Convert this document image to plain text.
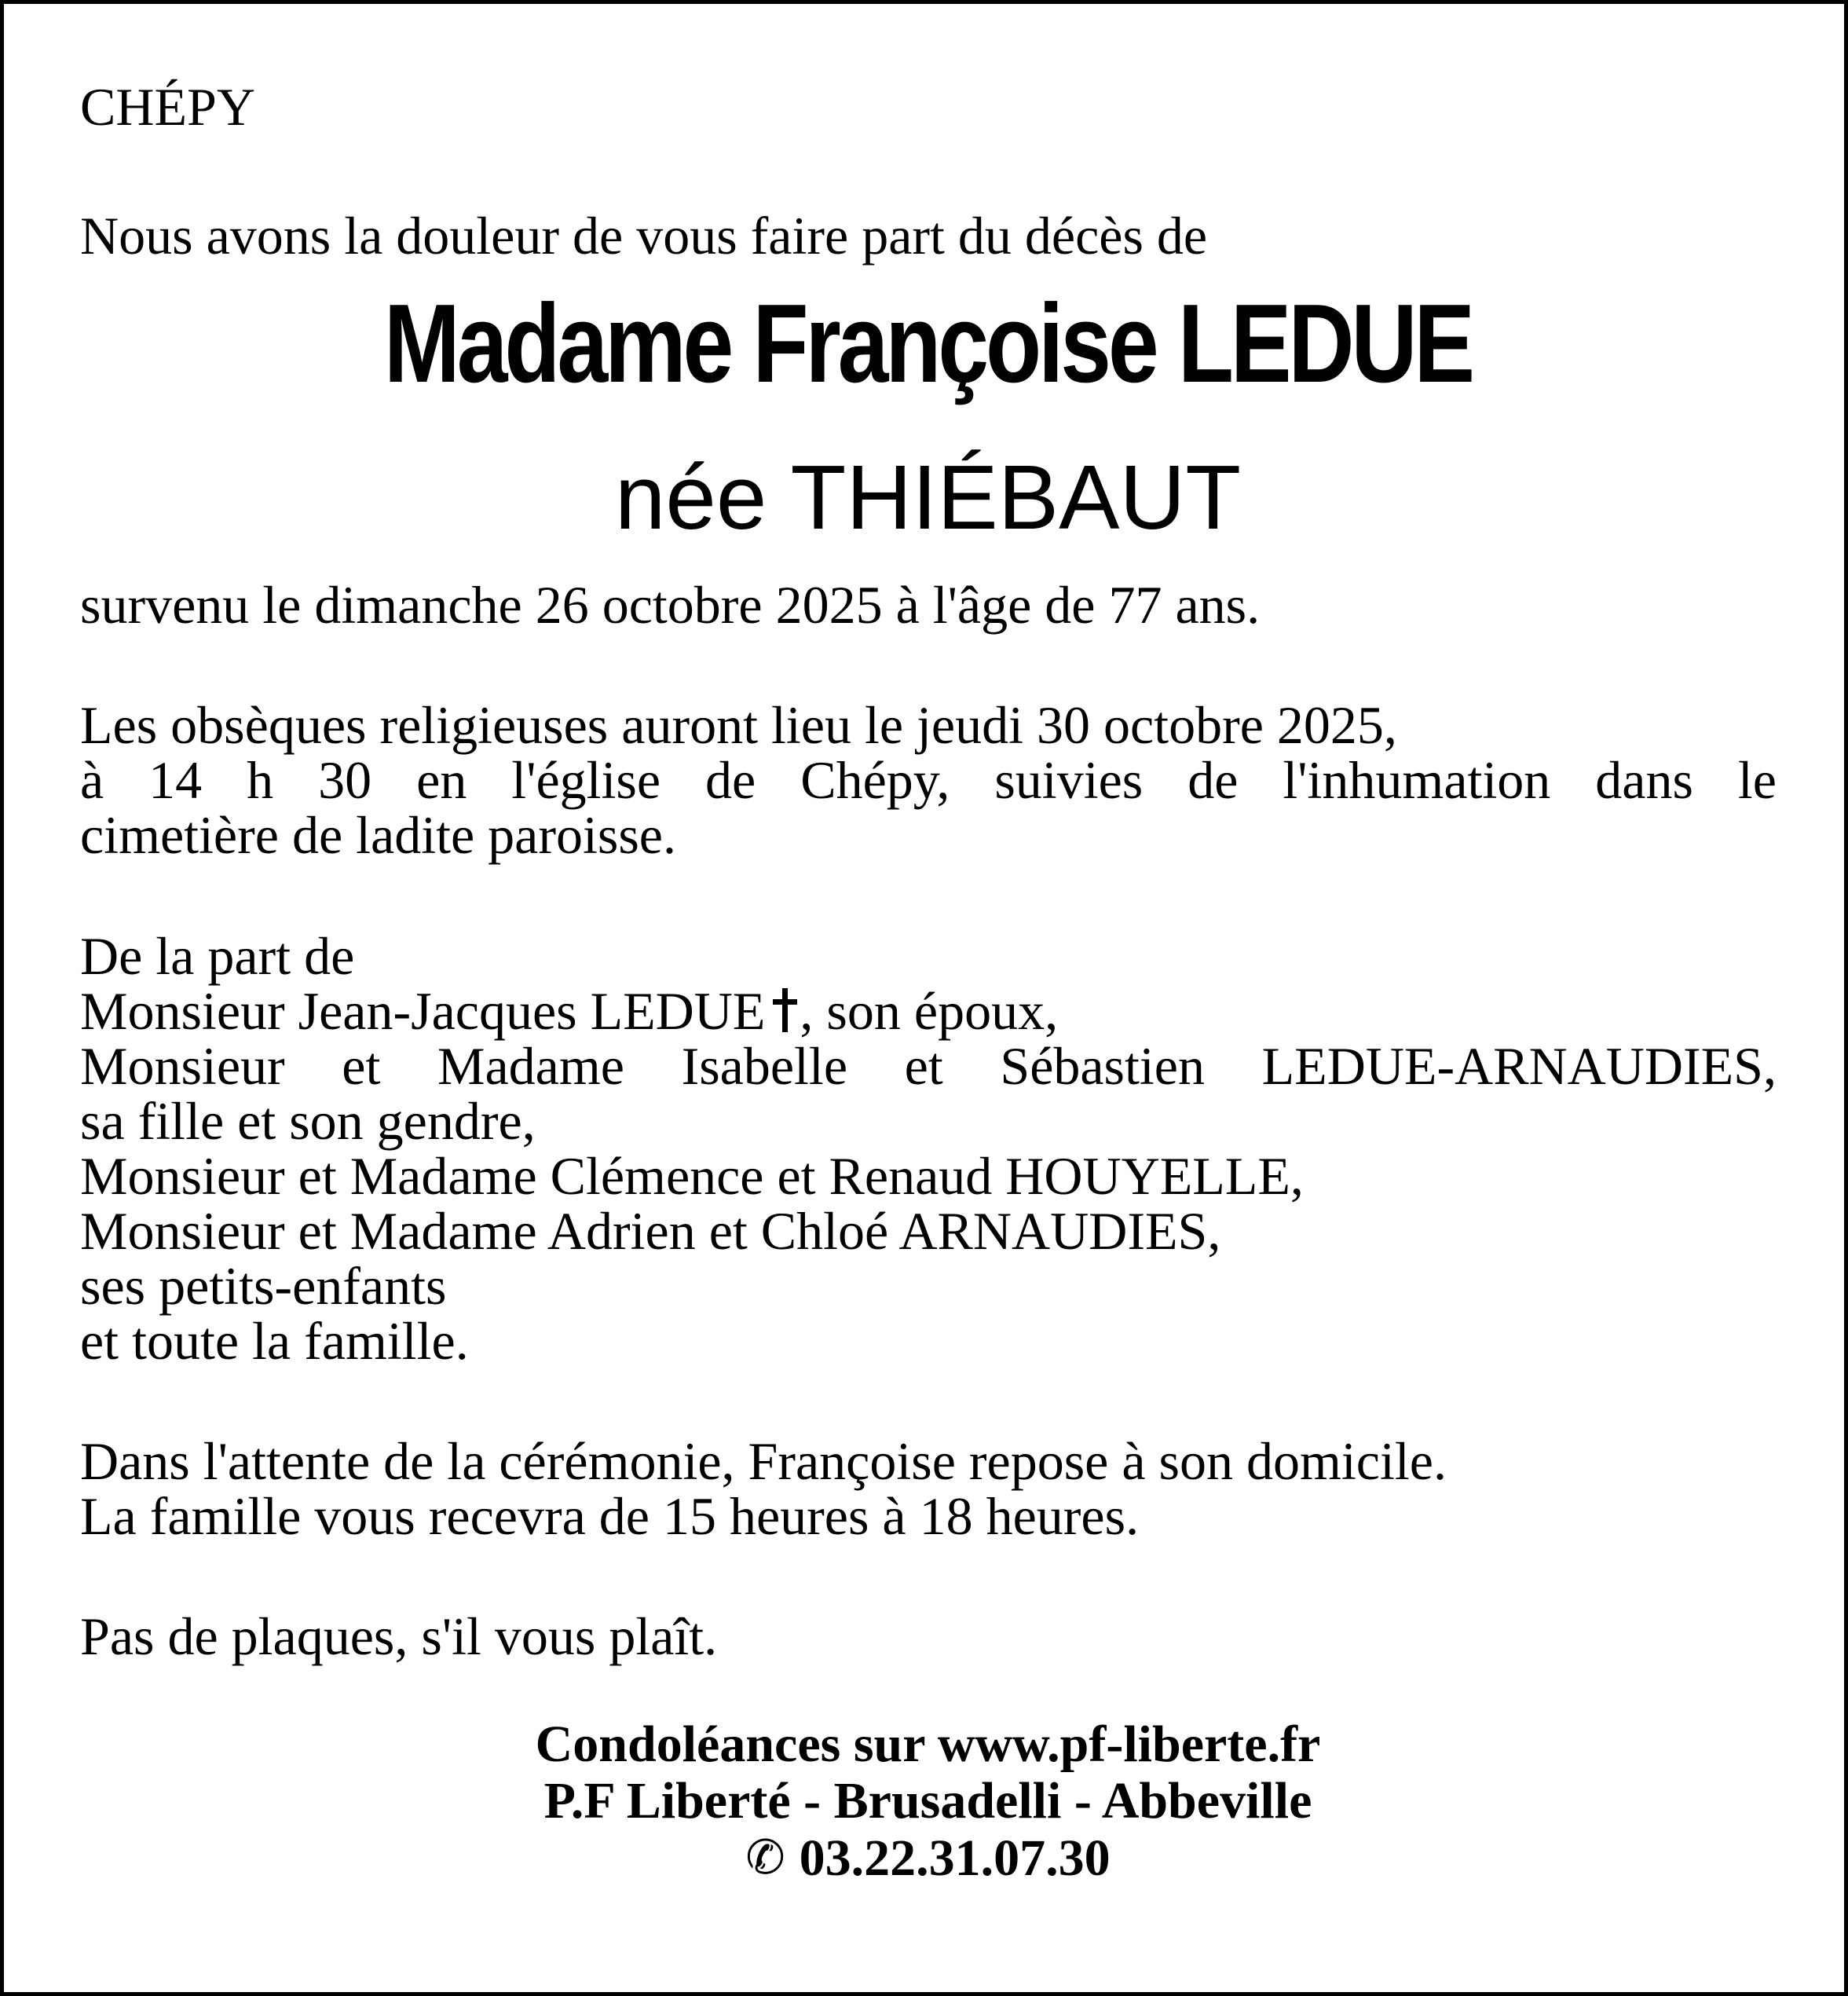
CHÉPY
Nous avons la douleur de vous faire part du décès de
Madame Françoise LEDUE
née THIÉBAUT
survenu le dimanche 26 octobre 2025 à l'âge de 77 ans.
Les obsèques religieuses auront lieu le jeudi 30 octobre 2025,
à 14 h 30 en l'église de Chépy, suivies de l'inhumation dans le
cimetière de ladite paroisse.
De la part de
Monsieur Jean-Jacques LEDUE , son époux,
Monsieur et Madame Isabelle et Sébastien LEDUE-ARNAUDIES,
sa fille et son gendre,
Monsieur et Madame Clémence et Renaud HOUYELLE,
Monsieur et Madame Adrien et Chloé ARNAUDIES,
ses petits-enfants
et toute la famille.
Dans l'attente de la cérémonie, Françoise repose à son domicile.
La famille vous recevra de 15 heures à 18 heures.
Pas de plaques, s'il vous plaît.
Condoléances sur www.pf-liberte.fr
P.F Liberté - Brusadelli - Abbeville
✆ 03.22.31.07.30
